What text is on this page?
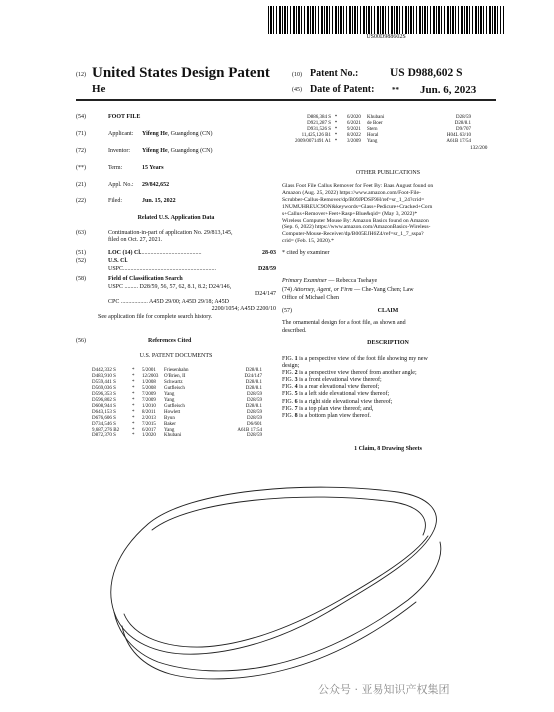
US00D988602S
(12) United States Design Patent	(10) Patent No.:	US D988,602 S
He	(45) Date of Patent:	** Jun. 6, 2023
(54)	FOOT FILE
(71)	Applicant:	Yifeng He , Guangdong (CN)
(72)	Inventor:	Yifeng He , Guangdong (CN)
(**)	Term:	15 Years
(21)	Appl. No.:	29/842,652
(22)	Filed:	Jun. 15, 2022
Related U.S. Application Data
(63)	Continuation-in-part of application No. 29/813,145,
filed on Oct. 27, 2021.
(51)	LOC (14) Cl. ........................................	28-03
(52)	U.S. Cl.
USPC ..............................................................	D28/59
(58)	Field of Classification Search
USPC ......... D28/59, 56, 57, 62, 8.1, 8.2; D24/146,
D24/147
CPC .................. A45D 29/00; A45D 29/18; A45D
2200/1054; A45D 2200/10
See application file for complete search history.
(56)	References Cited
U.S. PATENT DOCUMENTS
D442,332 S	*	5/2001	Friesenhahn	D28/8.1
D483,910 S	*	12/2003	O'Brien, II	D24/147
D559,441 S	*	1/2008	Schwartz	D28/8.1
D569,036 S	*	5/2008	Gutfleisch	D28/8.1
D596,353 S	*	7/2009	Yang	D28/59
D596,802 S	*	7/2009	Yang	D28/59
D608,944 S	*	1/2010	Gutfleisch	D28/8.1
D643,153 S	*	8/2011	Howlett	D28/59
D676,606 S	*	2/2013	Byun	D28/59
D734,546 S	*	7/2015	Baker	D6/601
9,687,276 B2	*	6/2017	Yang	A61B 17:54
D872,370 S	*	1/2020	Khubani	D28/59
D886,384 S *	6/2020	Khubani	D28/59
D921,287 S *	6/2021	de Boer	D28/8.1
D931,526 S *	9/2021	Stern	D9/707
11,425,126 B1 *	8/2022	Horal	H04L 63/10
2009/0071491 A1 *	3/2009	Yang	A61B 17/54
132/200
OTHER PUBLICATIONS
Glass Foot File Callus Remover for Feet By: Baas August found on
Amazon (Aug. 25, 2022) https://www.amazon.com/Foot-File-
Scrubber-Callus-Remover/dp/B09JPDSF9H/ref=sr_1_24?crid=
1NUMUHREUC9ON&keywords=Glass+Pedicure+Cracked+Corn
s+Callus+Remover+Feet+Rasp+Blue&qid= (May 3, 2022)*
Wireless Computer Mouse By: Amazon Basics found on Amazon
(Sep. 6, 2022) https://www.amazon.com/AmazonBasics-Wireless-
Computer-Mouse-Receiver/dp/B005EJH6Z4/ref=sr_1_7_sspa?
crid= (Feb. 15, 2020).*
* cited by examiner
Primary Examiner — Rebecca Tsehaye
(74) Attorney, Agent, or Firm — Che-Yang Chen; Law
Office of Michael Chen
(57)	CLAIM
The ornamental design for a foot file, as shown and
described.
DESCRIPTION
FIG. 1 is a perspective view of the foot file showing my new
design;
FIG. 2 is a perspective view thereof from another angle;
FIG. 3 is a front elevational view thereof;
FIG. 4 is a rear elevational view thereof;
FIG. 5 is a left side elevational view thereof;
FIG. 6 is a right side elevational view thereof;
FIG. 7 is a top plan view thereof; and,
FIG. 8 is a bottom plan view thereof.
1 Claim, 8 Drawing Sheets
公众号 · 亚易知识产权集团
